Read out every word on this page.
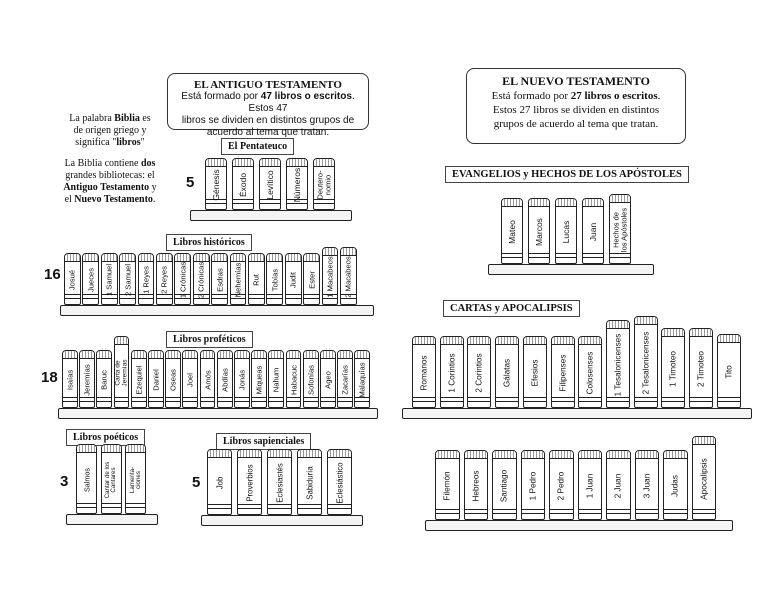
EL ANTIGUO TESTAMENTO
Está formado por 47 libros o escritos. Estos 47
libros se dividen en distintos grupos de
acuerdo al tema que tratan.
EL NUEVO TESTAMENTO
Está formado por 27 libros o escritos.
Estos 27 libros se dividen en distintos
grupos de acuerdo al tema que tratan.
La palabra Biblia es
de origen griego y
significa "libros"

La Biblia contiene dos
grandes bibliotecas: el
Antiguo Testamento y
el Nuevo Testamento.
El Pentateuco
Libros históricos
Libros proféticos
Libros poéticos	Libros sapienciales
EVANGELIOS y HECHOS DE LOS APÓSTOLES
CARTAS y APOCALIPSIS
5
16
18
3	5
Génesis Éxodo Levítico Números Deutero-
nomio
Josué Jueces 1 Samuel 2 Samuel 1 Reyes 2 Reyes 1 Crónicas 2 Crónicas Esdras Nehemías Rut Tobías Judit Ester 1 Macabeos 2 Macabeos
Isaías Jeremías Baruc Carta de
Jeremías Ezequiel Daniel Oseas Joel Amós Abdías Jonás Miqueas Nahum Habacuc Sofonías Ageo Zacarías Malaquías
Salmos Cantar de los
Cantares Lamenta-
ciones	Job	Proverbios	Eclesiastés	Sabiduría	Eclesiástico
Mateo Marcos Lucas Juan Hechos de
los Apóstoles
Romanos 1 Corintios 2 Corintios Gálatas Efesios Filipenses Colosenses 1 Tesalonicenses 2 Tesalonicenses 1 Timoteo 2 Timoteo Tito
Filemón Hebreos Santiago 1 Pedro 2 Pedro 1 Juan 2 Juan 3 Juan Judas Apocalipsis
